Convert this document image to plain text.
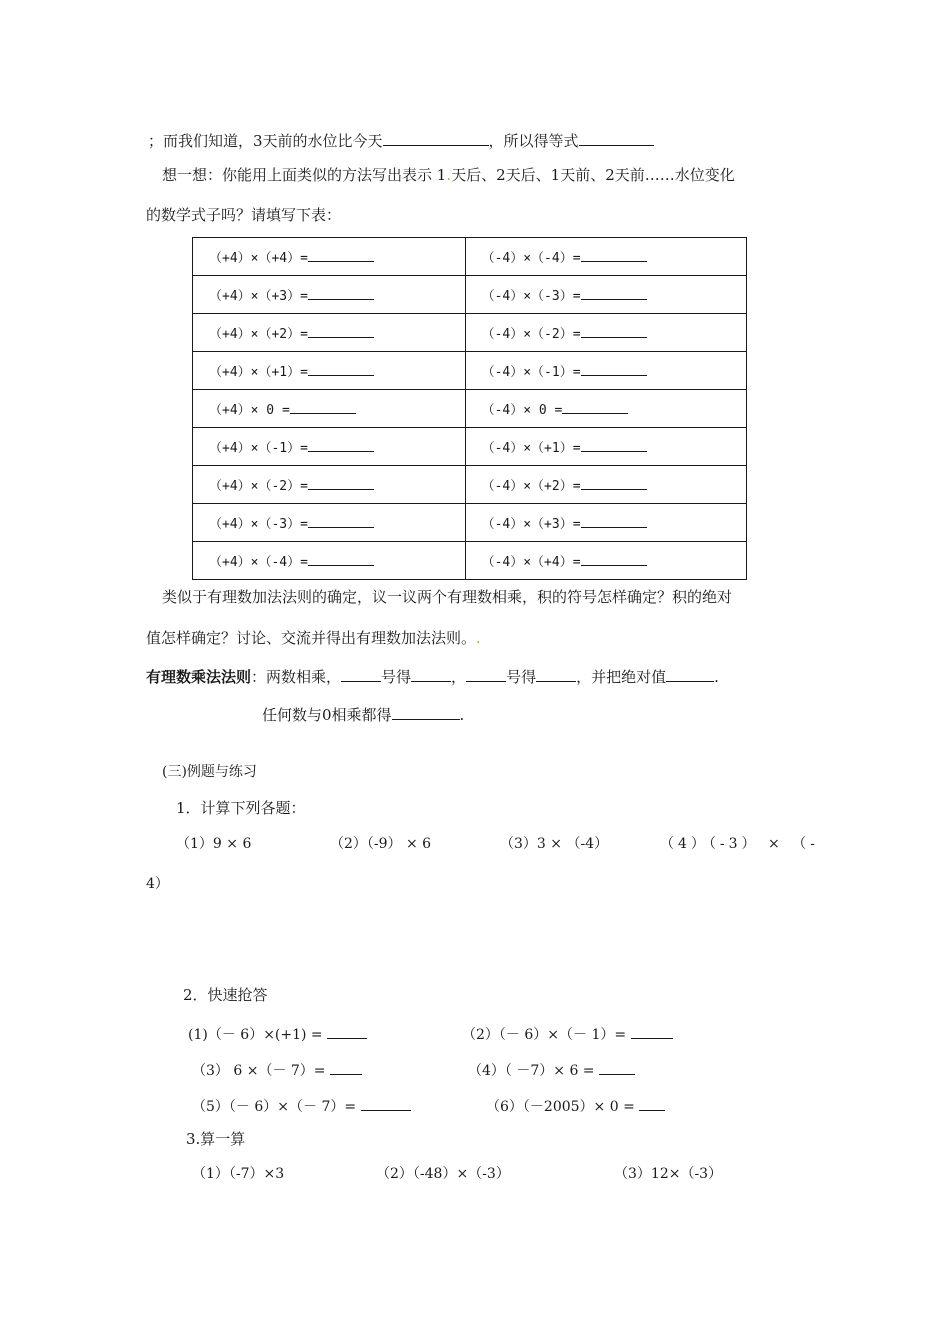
；而我们知道，3天前的水位比今天	，所以得等式
想一想：你能用上面类似的方法写出表示 1.天后、2天后、1天前、2天前……水位变化
的数学式子吗？请填写下表：
（+4）×（+4）=	（-4）×（-4）=
（+4）×（+3）=	（-4）×（-3）=
（+4）×（+2）=	（-4）×（-2）=
（+4）×（+1）=	（-4）×（-1）=
（+4）× 0 =	（-4）× 0 =
（+4）×（-1）=	（-4）×（+1）=
（+4）×（-2）=	（-4）×（+2）=
（+4）×（-3）=	（-4）×（+3）=
（+4）×（-4）=	（-4）×（+4）=
类似于有理数加法法则的确定，议一议两个有理数相乘，积的符号怎样确定？积的绝对
值怎样确定？讨论、交流并得出有理数加法法则。.
有理数乘法法则：两数相乘，	号得	，	号得	，并把绝对值	.
任何数与0相乘都得	.
(三)例题与练习
1．计算下列各题：
（1）9 × 6	（2）（-9） × 6	（3）3 × （-4）	（4）（-3） × （-
4）
2．快速抢答
(1)（－ 6）×(+1) =	（2）（－ 6）×（－ 1）=
（3） 6 ×（－ 7）=	（4）（ －7）× 6 =
（5）（－ 6）×（－ 7）=	（6）（－2005）× 0 =
3.算一算
（1）（-7）×3	（2）（-48）×（-3）	（3）12×（-3）
